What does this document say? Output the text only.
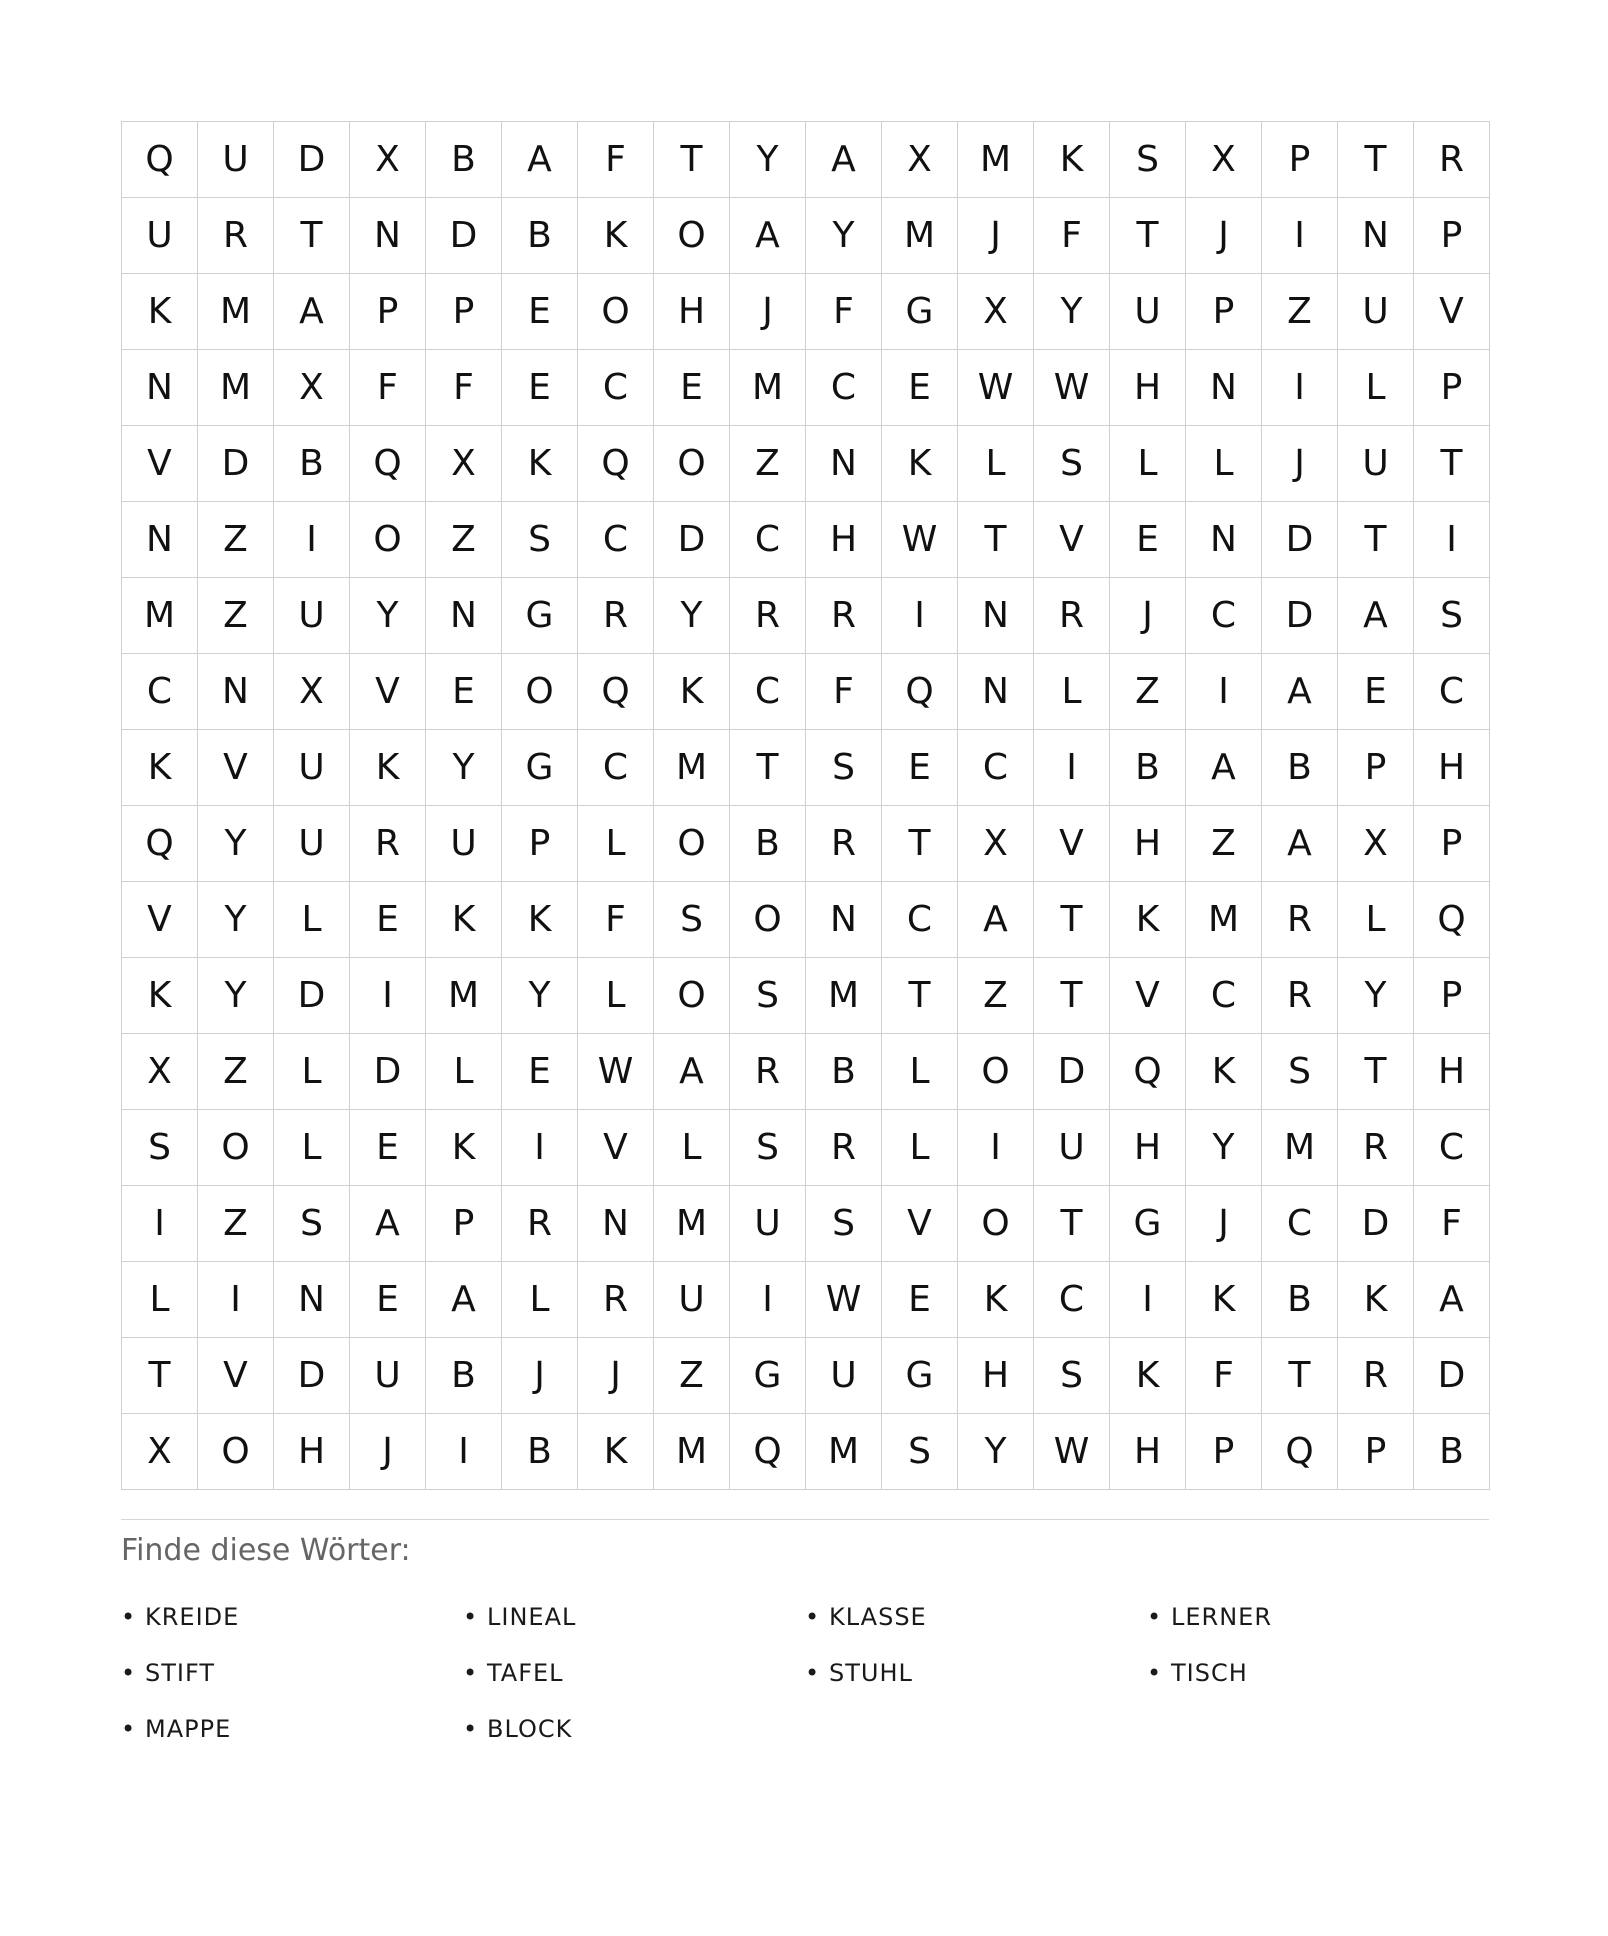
Q	U	D	X	B	A	F	T	Y	A	X	M	K	S	X	P	T	R
U	R	T	N	D	B	K	O	A	Y	M	J	F	T	J	I	N	P
K	M	A	P	P	E	O	H	J	F	G	X	Y	U	P	Z	U	V
N	M	X	F	F	E	C	E	M	C	E	W	W	H	N	I	L	P
V	D	B	Q	X	K	Q	O	Z	N	K	L	S	L	L	J	U	T
N	Z	I	O	Z	S	C	D	C	H	W	T	V	E	N	D	T	I
M	Z	U	Y	N	G	R	Y	R	R	I	N	R	J	C	D	A	S
C	N	X	V	E	O	Q	K	C	F	Q	N	L	Z	I	A	E	C
K	V	U	K	Y	G	C	M	T	S	E	C	I	B	A	B	P	H
Q	Y	U	R	U	P	L	O	B	R	T	X	V	H	Z	A	X	P
V	Y	L	E	K	K	F	S	O	N	C	A	T	K	M	R	L	Q
K	Y	D	I	M	Y	L	O	S	M	T	Z	T	V	C	R	Y	P
X	Z	L	D	L	E	W	A	R	B	L	O	D	Q	K	S	T	H
S	O	L	E	K	I	V	L	S	R	L	I	U	H	Y	M	R	C
I	Z	S	A	P	R	N	M	U	S	V	O	T	G	J	C	D	F
L	I	N	E	A	L	R	U	I	W	E	K	C	I	K	B	K	A
T	V	D	U	B	J	J	Z	G	U	G	H	S	K	F	T	R	D
X	O	H	J	I	B	K	M	Q	M	S	Y	W	H	P	Q	P	B
Finde diese Wörter:
• KREIDE	• LINEAL	• KLASSE	• LERNER
• STIFT	• TAFEL	• STUHL	• TISCH
• MAPPE	• BLOCK
